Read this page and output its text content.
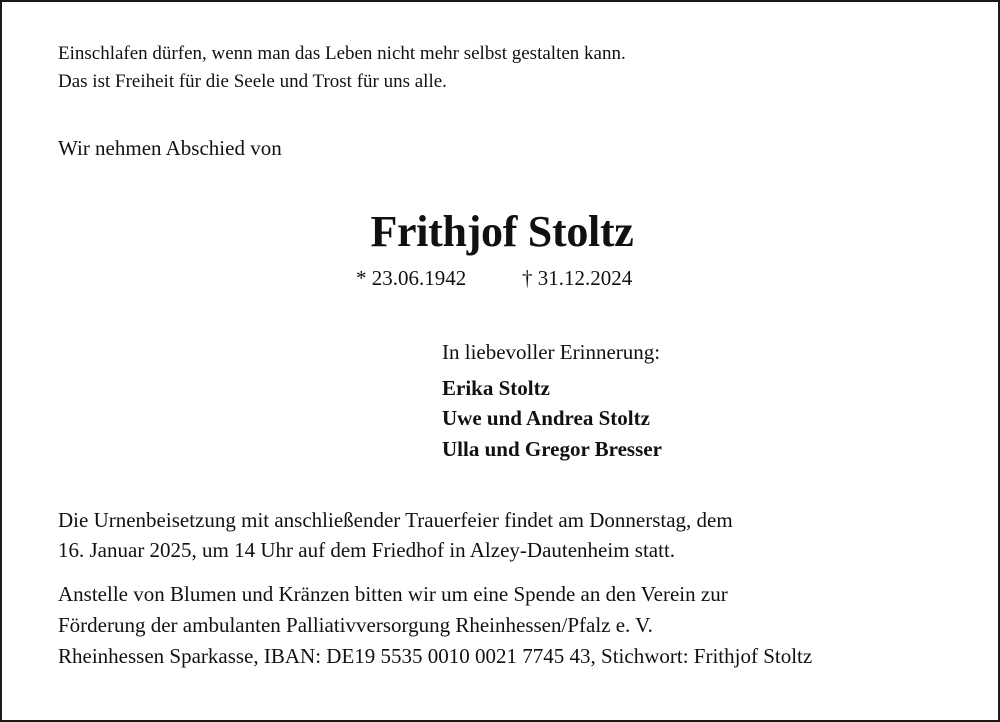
Einschlafen dürfen, wenn man das Leben nicht mehr selbst gestalten kann.
Das ist Freiheit für die Seele und Trost für uns alle.
Wir nehmen Abschied von
Frithjof Stoltz
* 23.06.1942	† 31.12.2024
In liebevoller Erinnerung:
Erika Stoltz
Uwe und Andrea Stoltz
Ulla und Gregor Bresser
Die Urnenbeisetzung mit anschließender Trauerfeier findet am Donnerstag, dem
16. Januar 2025, um 14 Uhr auf dem Friedhof in Alzey-Dautenheim statt.
Anstelle von Blumen und Kränzen bitten wir um eine Spende an den Verein zur
Förderung der ambulanten Palliativversorgung Rheinhessen/Pfalz e. V.
Rheinhessen Sparkasse, IBAN: DE19 5535 0010 0021 7745 43, Stichwort: Frithjof Stoltz
